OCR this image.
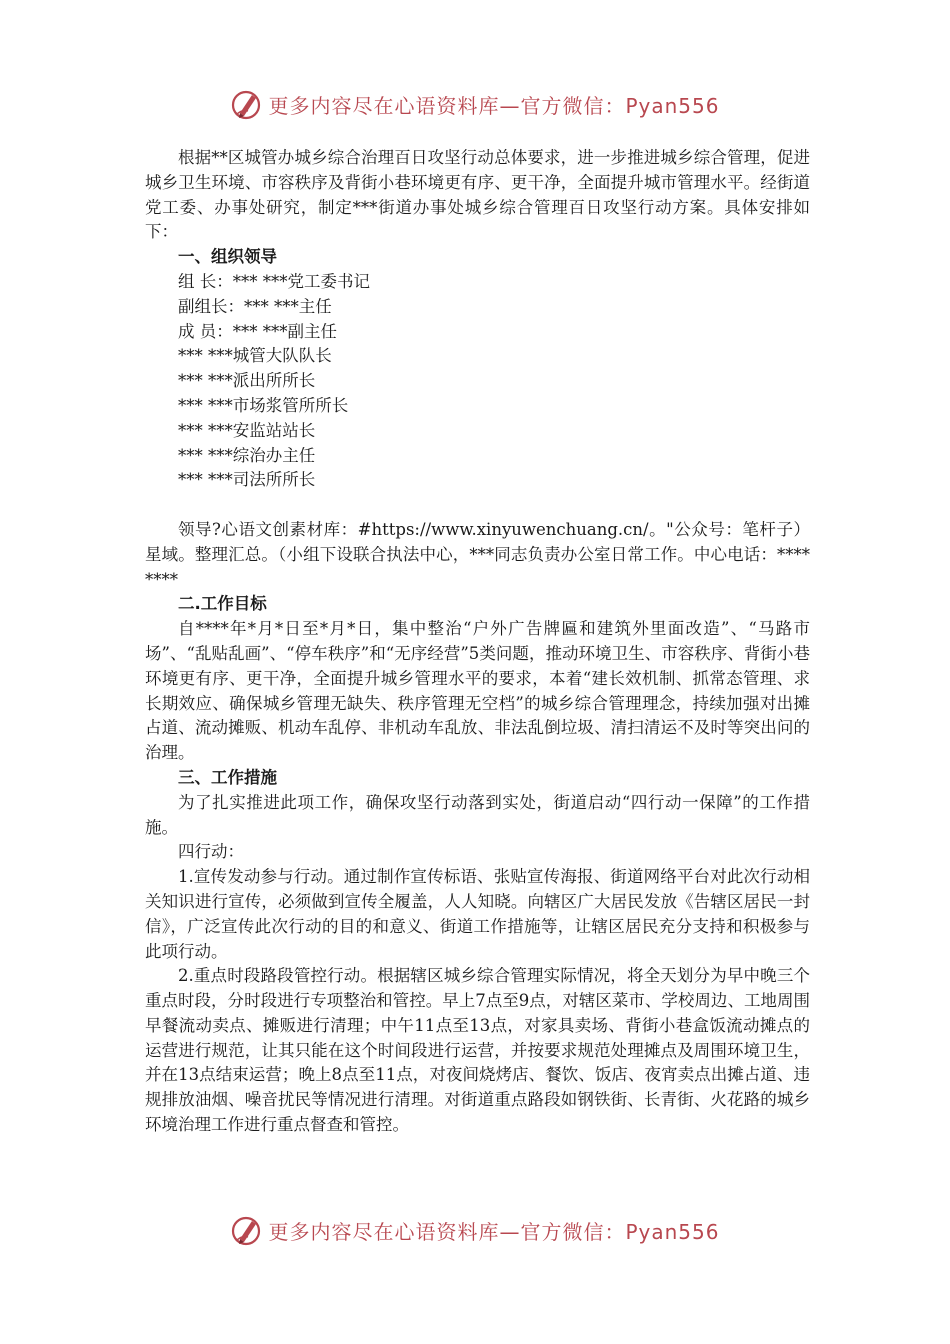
更多内容尽在心语资料库—官方微信：Pyan556

根据**区城管办城乡综合治理百日攻坚行动总体要求，进一步推进城乡综合管理，促进城乡卫生环境、市容秩序及背街小巷环境更有序、更干净，全面提升城市管理水平。经街道党工委、办事处研究，制定***街道办事处城乡综合管理百日攻坚行动方案。具体安排如下：

一、组织领导

组 长：*** ***党工委书记

副组长：*** ***主任

成 员：*** ***副主任

*** ***城管大队队长

*** ***派出所所长

*** ***市场浆管所所长

*** ***安监站站长

*** ***综治办主任

*** ***司法所所长

领导?心语文创素材库：#https://www.xinyuwenchuang.cn/。"公众号：笔杆子）星域。整理汇总。（小组下设联合执法中心，***同志负责办公室日常工作。中心电话：********

二.工作目标

自****年*月*日至*月*日，集中整治“户外广告牌匾和建筑外里面改造”、“马路市场”、“乱贴乱画”、“停车秩序”和“无序经营”5类问题，推动环境卫生、市容秩序、背街小巷环境更有序、更干净，全面提升城乡管理水平的要求，本着“建长效机制、抓常态管理、求长期效应、确保城乡管理无缺失、秩序管理无空档”的城乡综合管理理念，持续加强对出摊占道、流动摊贩、机动车乱停、非机动车乱放、非法乱倒垃圾、清扫清运不及时等突出问的治理。

三、工作措施

为了扎实推进此项工作，确保攻坚行动落到实处，街道启动“四行动一保障”的工作措施。

四行动：

1.宣传发动参与行动。通过制作宣传标语、张贴宣传海报、街道网络平台对此次行动相关知识进行宣传，必须做到宣传全履盖，人人知晓。向辖区广大居民发放《告辖区居民一封信》，广泛宣传此次行动的目的和意义、街道工作措施等，让辖区居民充分支持和积极参与此项行动。

2.重点时段路段管控行动。根据辖区城乡综合管理实际情况，将全天划分为早中晚三个重点时段，分时段进行专项整治和管控。早上7点至9点，对辖区菜市、学校周边、工地周围早餐流动卖点、摊贩进行清理；中午11点至13点，对家具卖场、背街小巷盒饭流动摊点的运营进行规范，让其只能在这个时间段进行运营，并按要求规范处理摊点及周围环境卫生，并在13点结束运营；晚上8点至11点，对夜间烧烤店、餐饮、饭店、夜宵卖点出摊占道、违规排放油烟、噪音扰民等情况进行清理。对街道重点路段如钢铁街、长青街、火花路的城乡环境治理工作进行重点督查和管控。

更多内容尽在心语资料库—官方微信：Pyan556
